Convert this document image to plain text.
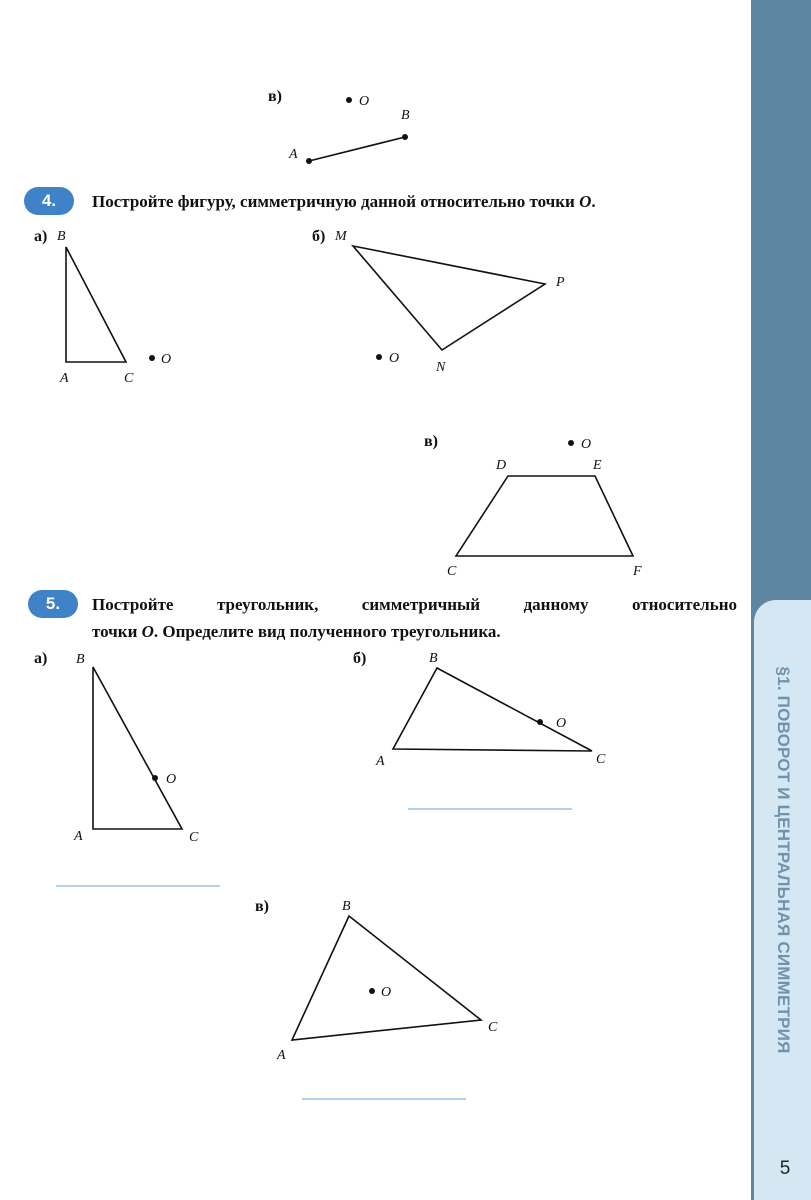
§1. ПОВОРОТ И ЦЕНТРАЛЬНАЯ СИММЕТРИЯ
5
в)
4.	Постройте фигуру, симметричную данной относительно точки O.
а)	б)
в)
5.	Постройте треугольник, симметричный данному относительно
точки O. Определите вид полученного треугольника.
а)	б)
в)
O
A
B
B
A	C
O
M
P
N
O
O
D	E
C	F
B
O
A	C
B
O
A	C
B
O
A
C
